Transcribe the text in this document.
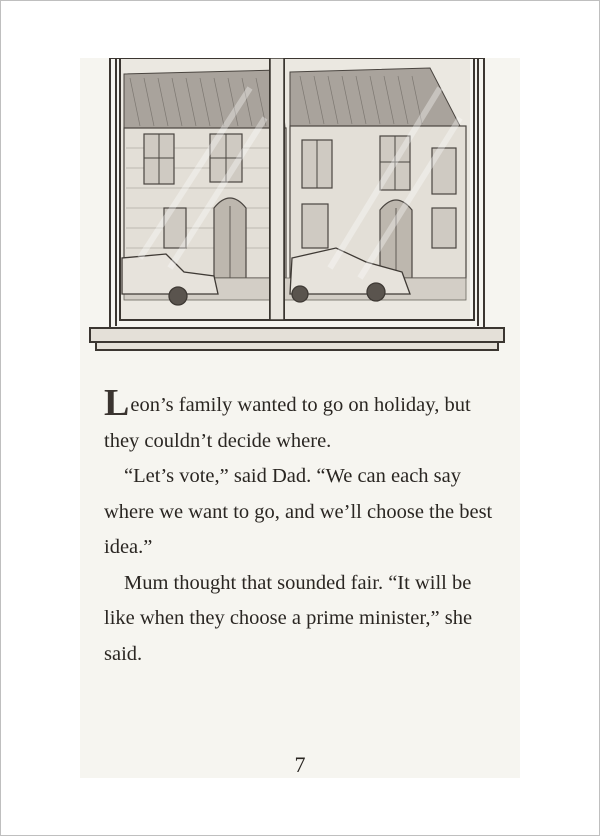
Leon’s family wanted to go on holiday, but they couldn’t decide where.

“Let’s vote,” said Dad. “We can each say where we want to go, and we’ll choose the best idea.”

Mum thought that sounded fair. “It will be like when they choose a prime minister,” she said.

7
